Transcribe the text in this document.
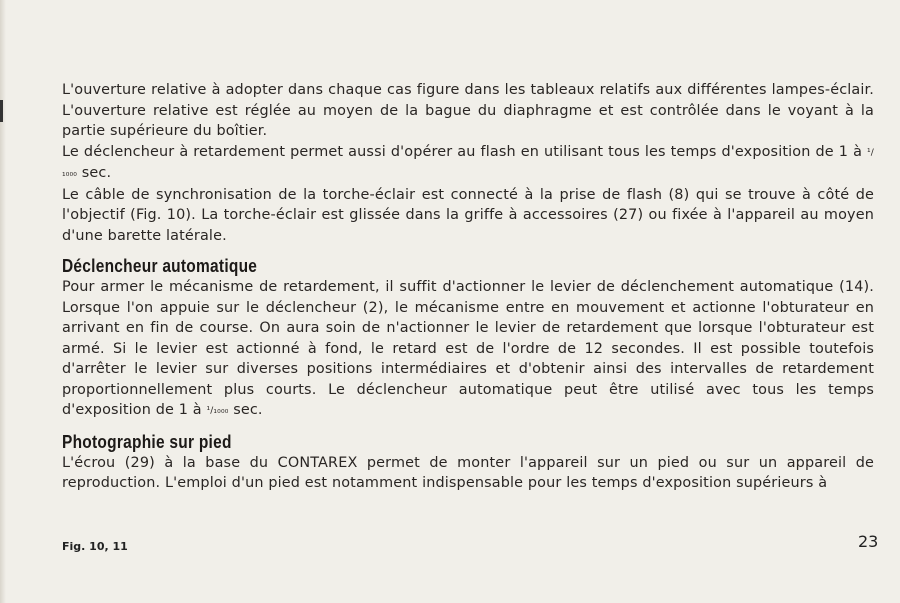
L'ouverture relative à adopter dans chaque cas figure dans les tableaux relatifs aux différentes lampes-éclair. L'ouverture relative est réglée au moyen de la bague du diaphragme et est contrôlée dans le voyant à la partie supérieure du boîtier.

Le déclencheur à retardement permet aussi d'opérer au flash en utilisant tous les temps d'exposition de 1 à ¹/₁₀₀₀ sec.

Le câble de synchronisation de la torche-éclair est connecté à la prise de flash (8) qui se trouve à côté de l'objectif (Fig. 10). La torche-éclair est glissée dans la griffe à accessoires (27) ou fixée à l'appareil au moyen d'une barette latérale.

Déclencheur automatique

Pour armer le mécanisme de retardement, il suffit d'actionner le levier de déclenchement automatique (14). Lorsque l'on appuie sur le déclencheur (2), le mécanisme entre en mouvement et actionne l'obturateur en arrivant en fin de course. On aura soin de n'actionner le levier de retardement que lorsque l'obturateur est armé. Si le levier est actionné à fond, le retard est de l'ordre de 12 secondes. Il est possible toutefois d'arrêter le levier sur diverses positions intermédiaires et d'obtenir ainsi des intervalles de retardement proportionnellement plus courts. Le déclencheur automatique peut être utilisé avec tous les temps d'exposition de 1 à ¹/₁₀₀₀ sec.

Photographie sur pied

L'écrou (29) à la base du CONTAREX permet de monter l'appareil sur un pied ou sur un appareil de reproduction. L'emploi d'un pied est notamment indispensable pour les temps d'exposition supérieurs à

Fig. 10, 11	23
